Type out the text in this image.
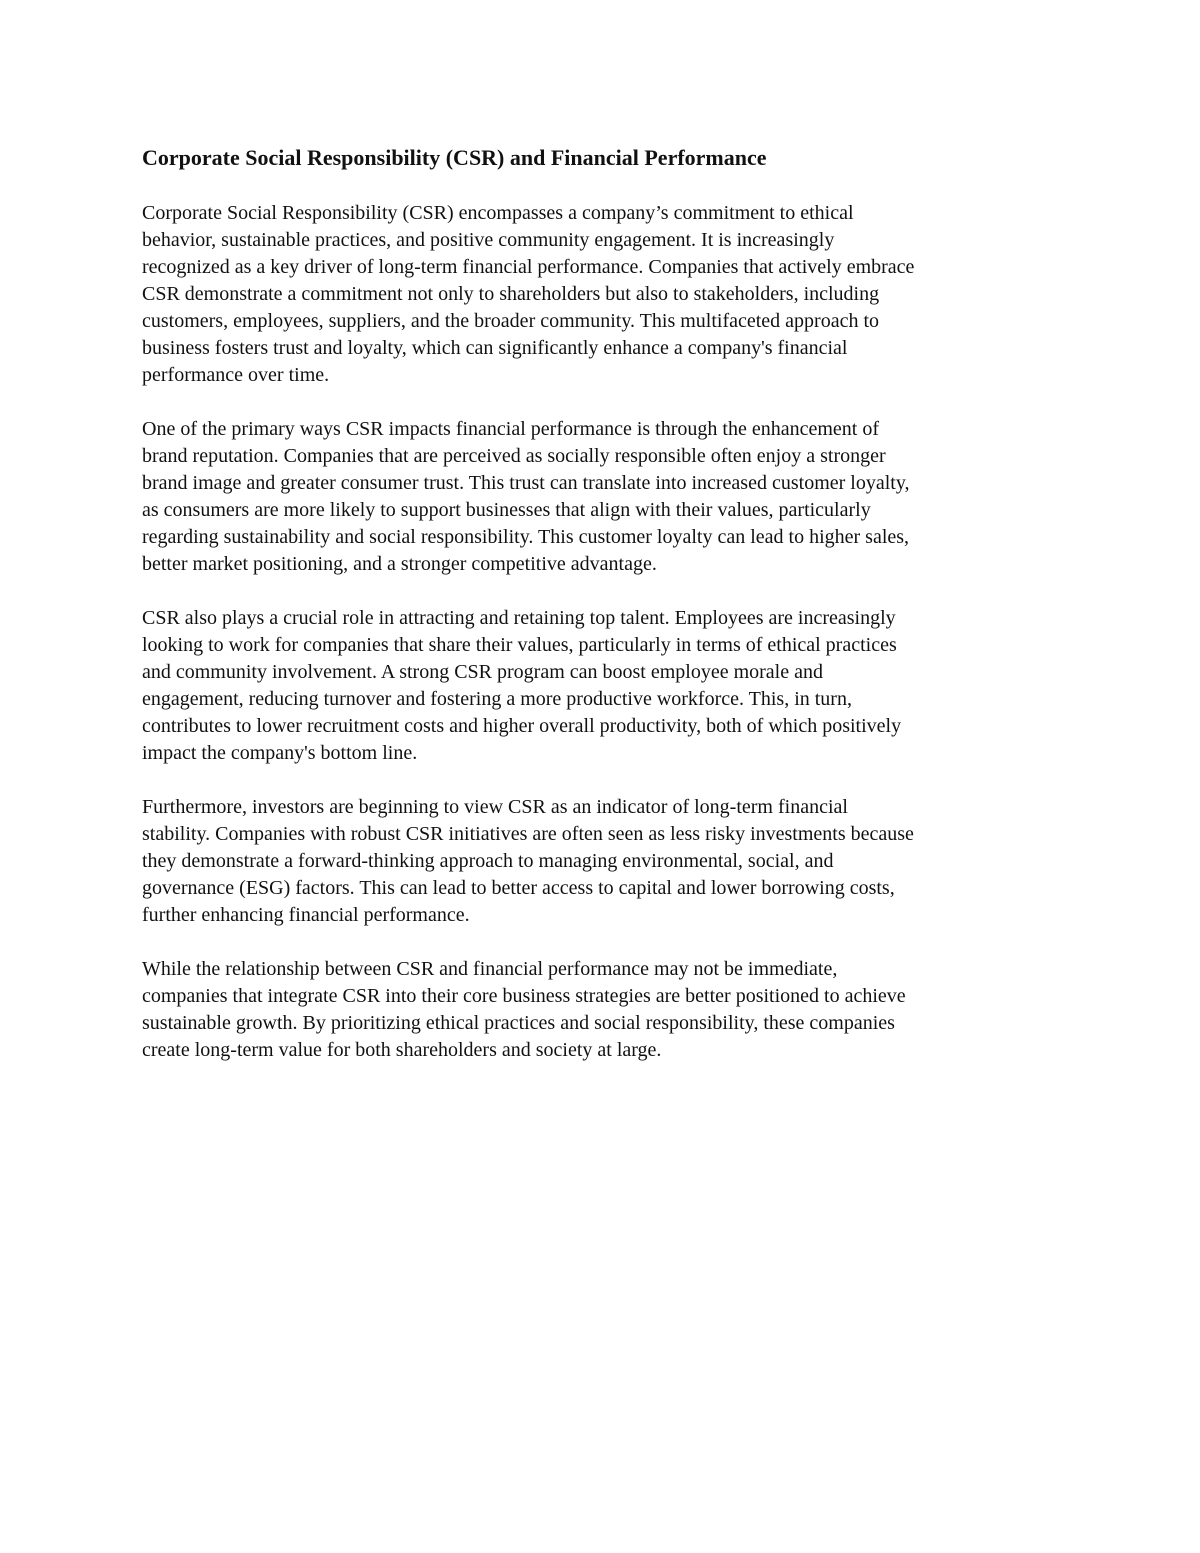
Corporate Social Responsibility (CSR) and Financial Performance

Corporate Social Responsibility (CSR) encompasses a company’s commitment to ethical
behavior, sustainable practices, and positive community engagement. It is increasingly
recognized as a key driver of long-term financial performance. Companies that actively embrace
CSR demonstrate a commitment not only to shareholders but also to stakeholders, including
customers, employees, suppliers, and the broader community. This multifaceted approach to
business fosters trust and loyalty, which can significantly enhance a company's financial
performance over time.

One of the primary ways CSR impacts financial performance is through the enhancement of
brand reputation. Companies that are perceived as socially responsible often enjoy a stronger
brand image and greater consumer trust. This trust can translate into increased customer loyalty,
as consumers are more likely to support businesses that align with their values, particularly
regarding sustainability and social responsibility. This customer loyalty can lead to higher sales,
better market positioning, and a stronger competitive advantage.

CSR also plays a crucial role in attracting and retaining top talent. Employees are increasingly
looking to work for companies that share their values, particularly in terms of ethical practices
and community involvement. A strong CSR program can boost employee morale and
engagement, reducing turnover and fostering a more productive workforce. This, in turn,
contributes to lower recruitment costs and higher overall productivity, both of which positively
impact the company's bottom line.

Furthermore, investors are beginning to view CSR as an indicator of long-term financial
stability. Companies with robust CSR initiatives are often seen as less risky investments because
they demonstrate a forward-thinking approach to managing environmental, social, and
governance (ESG) factors. This can lead to better access to capital and lower borrowing costs,
further enhancing financial performance.

While the relationship between CSR and financial performance may not be immediate,
companies that integrate CSR into their core business strategies are better positioned to achieve
sustainable growth. By prioritizing ethical practices and social responsibility, these companies
create long-term value for both shareholders and society at large.
